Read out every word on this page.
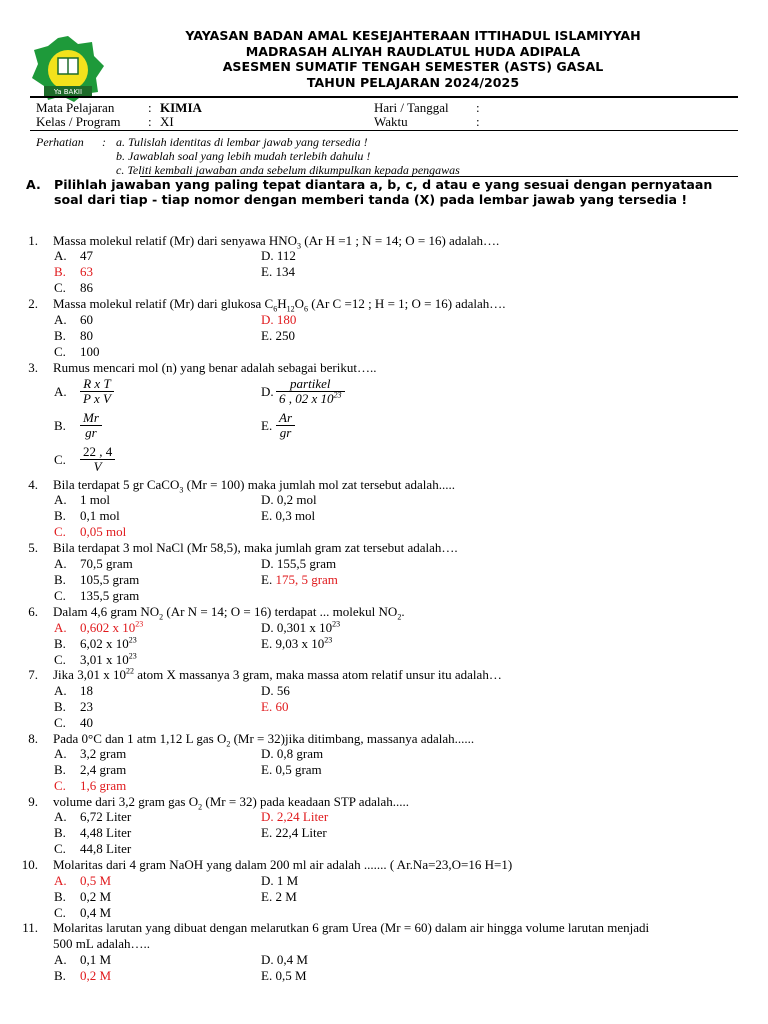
Ya BAKII
YAYASAN BADAN AMAL KESEJAHTERAAN ITTIHADUL ISLAMIYYAH
MADRASAH ALIYAH RAUDLATUL HUDA ADIPALA
ASESMEN SUMATIF TENGAH SEMESTER (ASTS) GASAL
TAHUN PELAJARAN 2024/2025
Mata Pelajaran	: KIMIA
Kelas / Program : XI
Hari / Tanggal :
Waktu	:
Perhatian	: a. Tulislah identitas di lembar jawab yang tersedia !
b. Jawablah soal yang lebih mudah terlebih dahulu !
c. Teliti kembali jawaban anda sebelum dikumpulkan kepada pengawas
A. Pilihlah jawaban yang paling tepat diantara a, b, c, d atau e yang sesuai dengan pernyataan soal dari tiap - tiap nomor dengan memberi tanda (X) pada lembar jawab yang tersedia !
1. Massa molekul relatif (Mr) dari senyawa $HNO_3$ (Ar H =1 ; N = 14; O = 16) adalah….
A. 47	D. 112
B. 63	E. 134
C. 86
2. Massa molekul relatif (Mr) dari glukosa $C_6H_{12}O_6$ (Ar C =12 ; H = 1; O = 16) adalah….
A. 60	D. 180
B. 80	E. 250
C. 100
3. Rumus mencari mol (n) yang benar adalah sebagai berikut…..
A. $\frac{\text{R x T}}{\text{P x V}}$	D. $\frac{\text{partikel}}{6 , 02 x 10^{23}}$
B. $\frac{Mr}{gr}$	E. $\frac{Ar}{gr}$
C. $\frac{22 , 4}{V}$
4. Bila terdapat 5 gr CaCO$_3$ (Mr = 100) maka jumlah mol zat tersebut adalah.....
A. 1 mol	D. 0,2 mol
B. 0,1 mol	E. 0,3 mol
C. 0,05 mol
5. Bila terdapat 3 mol NaCl (Mr 58,5), maka jumlah gram zat tersebut adalah….
A. 70,5 gram	D. 155,5 gram
B. 105,5 gram	E. 175, 5 gram
C. 135,5 gram
6. Dalam 4,6 gram $NO_2$ (Ar N = 14; O = 16) terdapat ... molekul $NO_2$.
A. 0,602 x $10^{23}$	D. 0,301 x $10^{23}$
B. 6,02 x $10^{23}$	E. 9,03 x $10^{23}$
C. 3,01 x $10^{23}$
7. Jika 3,01 x $10^{22}$ atom X massanya 3 gram, maka massa atom relatif unsur itu adalah…
A. 18	D. 56
B. 23	E. 60
C. 40
8. Pada 0°C dan 1 atm 1,12 L gas $O_2$ (Mr = 32)jika ditimbang, massanya adalah......
A. 3,2 gram	D. 0,8 gram
B. 2,4 gram	E. 0,5 gram
C. 1,6 gram
9. volume dari 3,2 gram gas $O_2$ (Mr = 32) pada keadaan STP adalah.....
A. 6,72 Liter	D. 2,24 Liter
B. 4,48 Liter	E. 22,4 Liter
C. 44,8 Liter
10. Molaritas dari 4 gram NaOH yang dalam 200 ml air adalah ....... ( Ar.Na=23,O=16 H=1)
A. 0,5 M	D. 1 M
B. 0,2 M	E. 2 M
C. 0,4 M
11. Molaritas larutan yang dibuat dengan melarutkan 6 gram Urea (Mr = 60) dalam air hingga volume larutan menjadi
500 mL adalah…..
A. 0,1 M	D. 0,4 M
B. 0,2 M	E. 0,5 M
